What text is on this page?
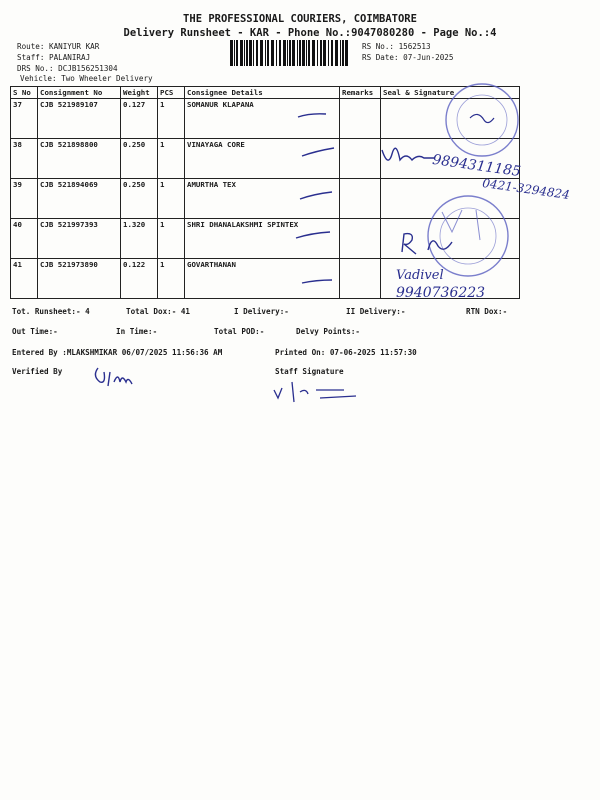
THE PROFESSIONAL COURIERS, COIMBATORE
Delivery Runsheet - KAR - Phone No.:9047080280 - Page No.:4
Route: KANIYUR KAR
Staff: PALANIRAJ
DRS No.: DCJB156251304
Vehicle: Two Wheeler Delivery
RS No.: 1562513
RS Date: 07-Jun-2025
S No	Consignment No	Weight	PCS	Consignee Details	Remarks	Seal & Signature
37	CJB 521989107	0.127	1	SOMANUR KLAPANA		
38	CJB 521898800	0.250	1	VINAYAGA CORE		
39	CJB 521894069	0.250	1	AMURTHA TEX		
40	CJB 521997393	1.320	1	SHRI DHANALAKSHMI SPINTEX		
41	CJB 521973890	0.122	1	GOVARTHANAN		
9894311185
0421-3294824
Vadivel
9940736223
Tot. Runsheet:- 4	Total Dox:- 41	I Delivery:-	II Delivery:-	RTN Dox:-
Out Time:-	In Time:-	Total POD:-	Delvy Points:-
Entered By :MLAKSHMIKAR 06/07/2025 11:56:36 AM	Printed On: 07-06-2025 11:57:30
Verified By	Staff Signature
